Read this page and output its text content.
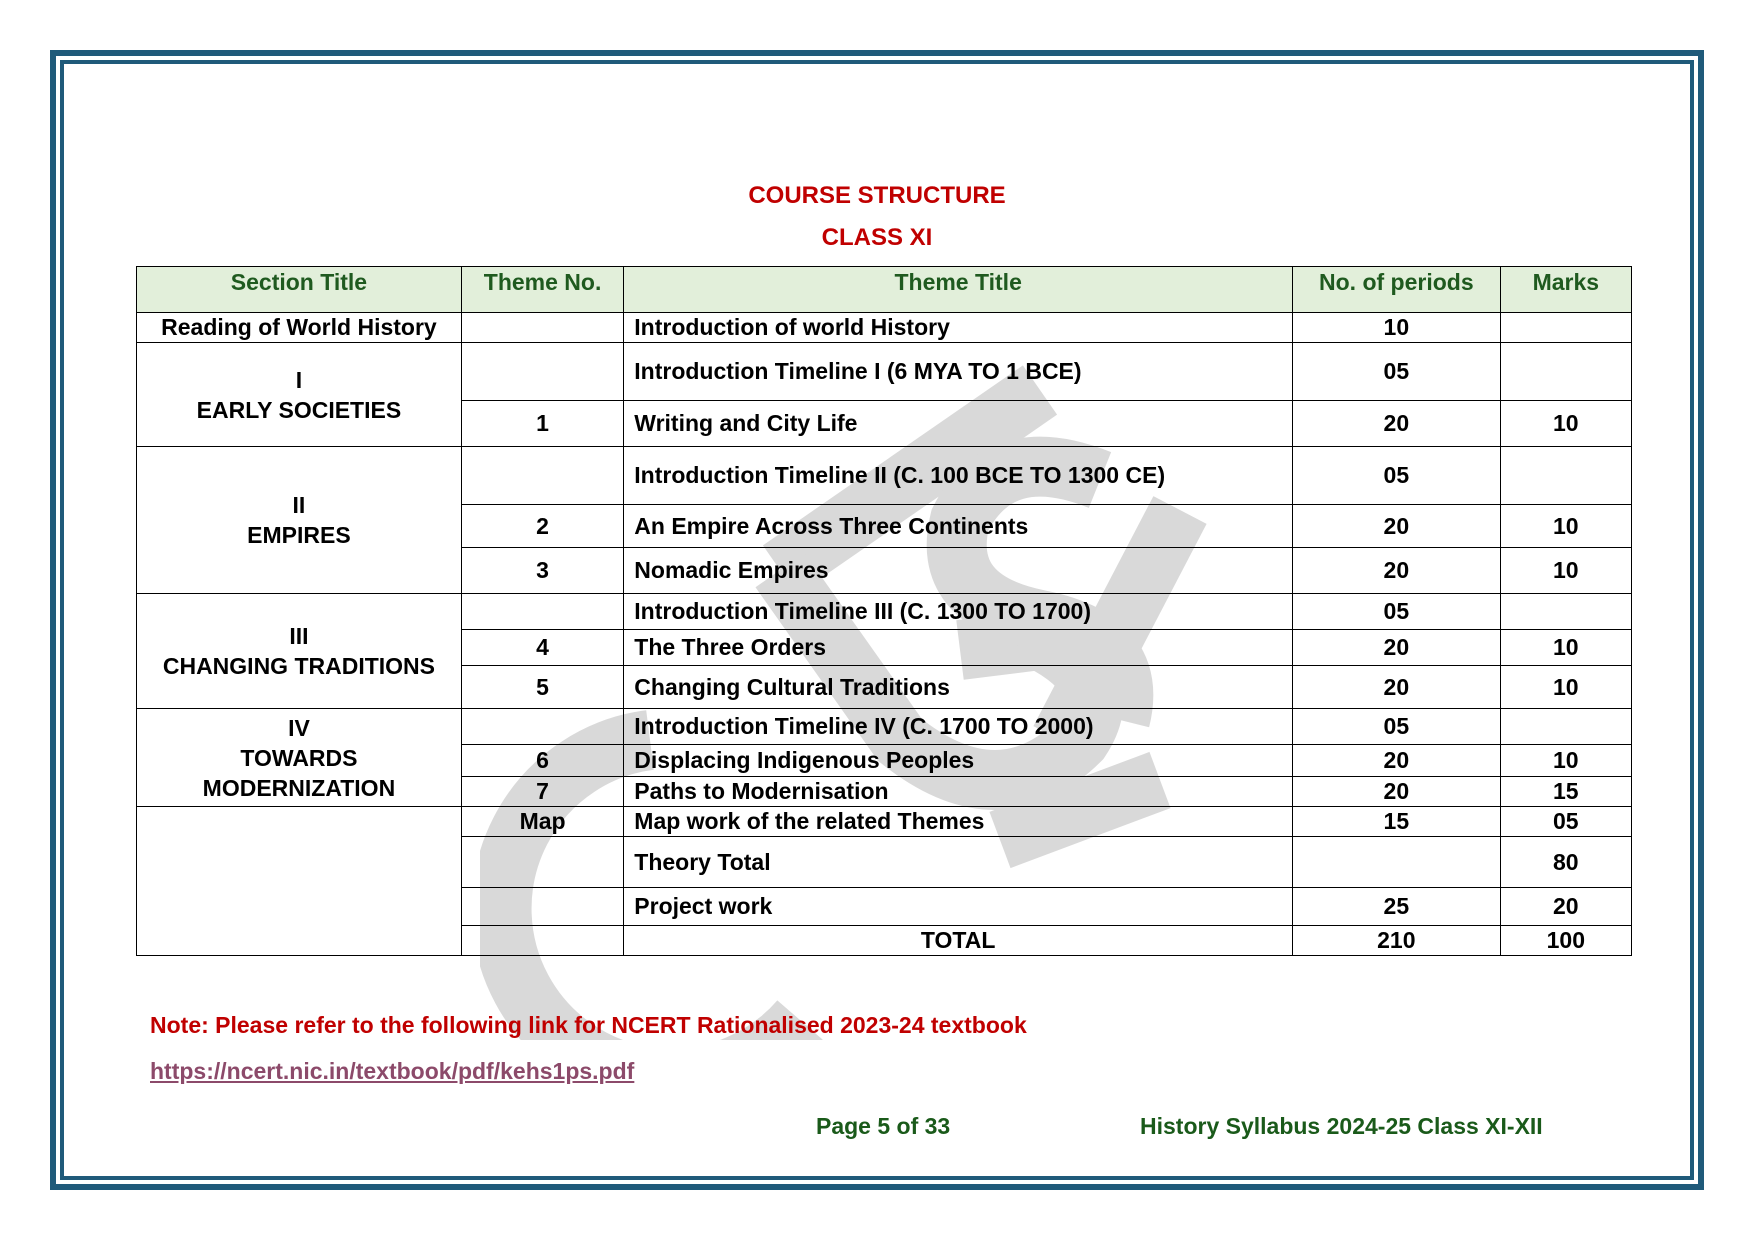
COURSE STRUCTURE
CLASS XI
Section Title	Theme No.	Theme Title	No. of periods	Marks
Reading of World History		Introduction of world History	10	

I
EARLY SOCIETIES		Introduction Timeline I (6 MYA TO 1 BCE)	05	
	1	Writing and City Life	20	10

II
EMPIRES		Introduction Timeline II (C. 100 BCE TO 1300 CE)	05	
	2	An Empire Across Three Continents	20	10
	3	Nomadic Empires	20	10

III
CHANGING TRADITIONS		Introduction Timeline III (C. 1300 TO 1700)	05	
	4	The Three Orders	20	10
	5	Changing Cultural Traditions	20	10

IV
TOWARDS
MODERNIZATION		Introduction Timeline IV (C. 1700 TO 2000)	05	
	6	Displacing Indigenous Peoples	20	10
	7	Paths to Modernisation	20	15
	Map	Map work of the related Themes	15	05
		Theory Total		80
		Project work	25	20
		TOTAL	210	100
Note: Please refer to the following link for NCERT Rationalised 2023-24 textbook
https://ncert.nic.in/textbook/pdf/kehs1ps.pdf
Page 5 of 33	History Syllabus 2024-25 Class XI-XII
